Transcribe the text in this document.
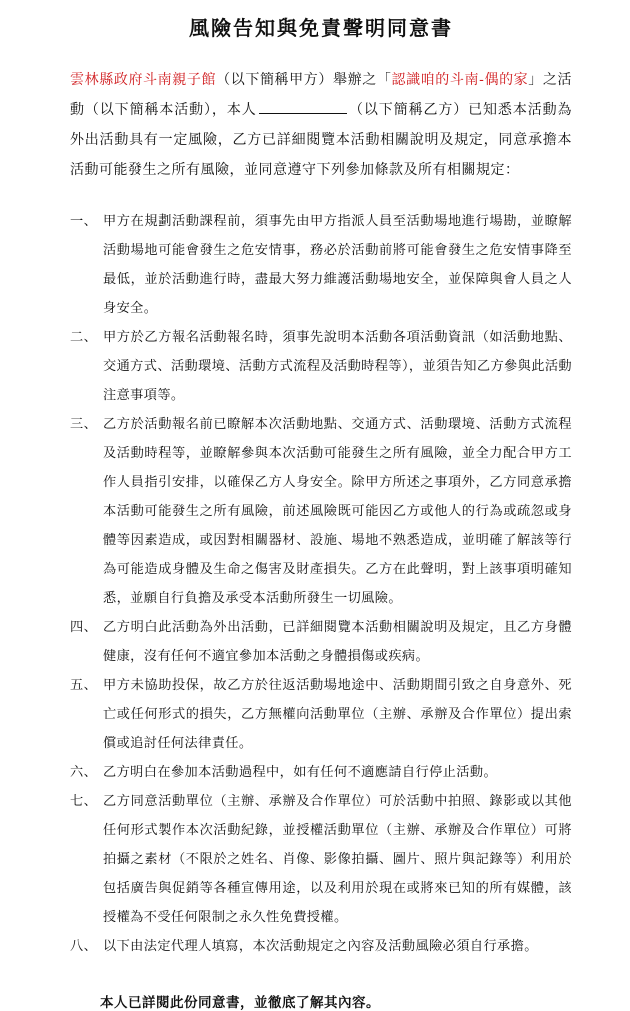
風險告知與免責聲明同意書

雲林縣政府斗南親子館（以下簡稱甲方）舉辦之「認識咱的斗南-偶的家」之活動（以下簡稱本活動），本人	（以下簡稱乙方）已知悉本活動為外出活動具有一定風險，乙方已詳細閱覽本活動相關說明及規定，同意承擔本活動可能發生之所有風險，並同意遵守下列參加條款及所有相關規定：

一、 甲方在規劃活動課程前，須事先由甲方指派人員至活動場地進行場勘，並瞭解活動場地可能會發生之危安情事，務必於活動前將可能會發生之危安情事降至最低，並於活動進行時，盡最大努力維護活動場地安全，並保障與會人員之人身安全。
二、 甲方於乙方報名活動報名時，須事先說明本活動各項活動資訊（如活動地點、交通方式、活動環境、活動方式流程及活動時程等），並須告知乙方參與此活動注意事項等。
三、 乙方於活動報名前已瞭解本次活動地點、交通方式、活動環境、活動方式流程及活動時程等，並瞭解參與本次活動可能發生之所有風險，並全力配合甲方工作人員指引安排，以確保乙方人身安全。除甲方所述之事項外，乙方同意承擔本活動可能發生之所有風險，前述風險既可能因乙方或他人的行為或疏忽或身體等因素造成，或因對相關器材、設施、場地不熟悉造成，並明確了解該等行為可能造成身體及生命之傷害及財產損失。乙方在此聲明，對上該事項明確知悉，並願自行負擔及承受本活動所發生一切風險。
四、 乙方明白此活動為外出活動，已詳細閱覽本活動相關說明及規定，且乙方身體健康，沒有任何不適宜參加本活動之身體損傷或疾病。
五、 甲方未協助投保，故乙方於往返活動場地途中、活動期間引致之自身意外、死亡或任何形式的損失，乙方無權向活動單位（主辦、承辦及合作單位）提出索償或追討任何法律責任。
六、 乙方明白在參加本活動過程中，如有任何不適應請自行停止活動。
七、 乙方同意活動單位（主辦、承辦及合作單位）可於活動中拍照、錄影或以其他任何形式製作本次活動紀錄，並授權活動單位（主辦、承辦及合作單位）可將拍攝之素材（不限於之姓名、肖像、影像拍攝、圖片、照片與記錄等）利用於包括廣告與促銷等各種宣傳用途，以及利用於現在或將來已知的所有媒體，該授權為不受任何限制之永久性免費授權。
八、 以下由法定代理人填寫，本次活動規定之內容及活動風險必須自行承擔。

本人已詳閱此份同意書，並徹底了解其內容。
